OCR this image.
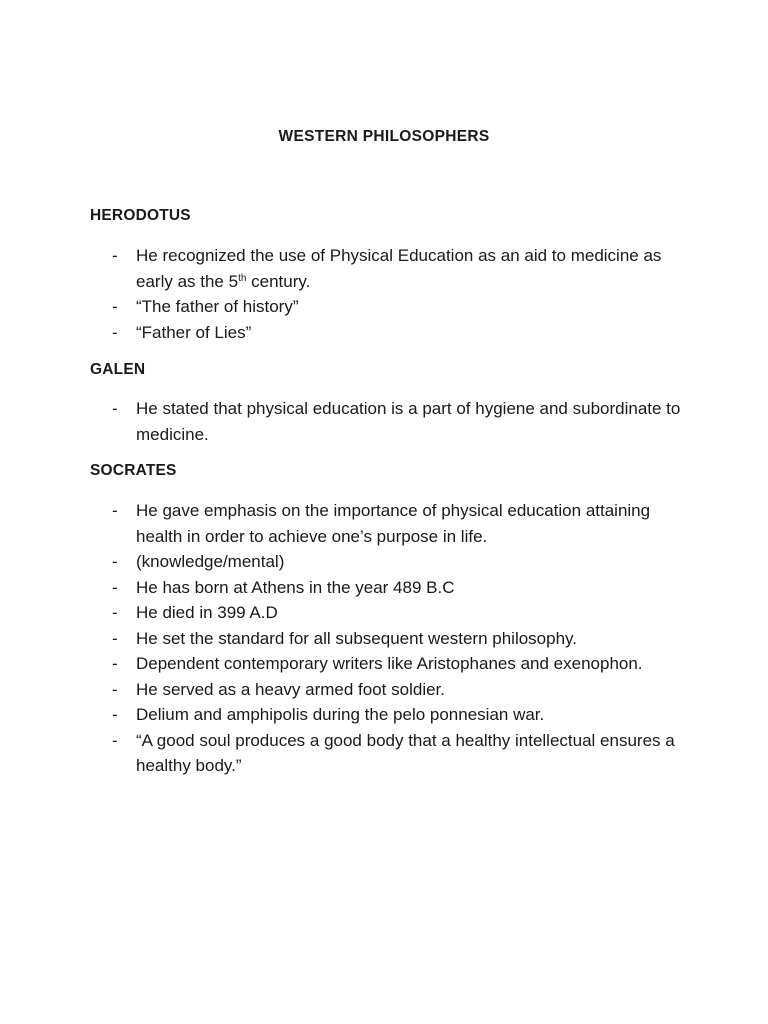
WESTERN PHILOSOPHERS
HERODOTUS
- He recognized the use of Physical Education as an aid to medicine as early as the 5th century.
- “The father of history”
- “Father of Lies”
GALEN
- He stated that physical education is a part of hygiene and subordinate to medicine.
SOCRATES
- He gave emphasis on the importance of physical education attaining health in order to achieve one’s purpose in life.
- (knowledge/mental)
- He has born at Athens in the year 489 B.C
- He died in 399 A.D
- He set the standard for all subsequent western philosophy.
- Dependent contemporary writers like Aristophanes and exenophon.
- He served as a heavy armed foot soldier.
- Delium and amphipolis during the pelo ponnesian war.
- “A good soul produces a good body that a healthy intellectual ensures a healthy body.”
